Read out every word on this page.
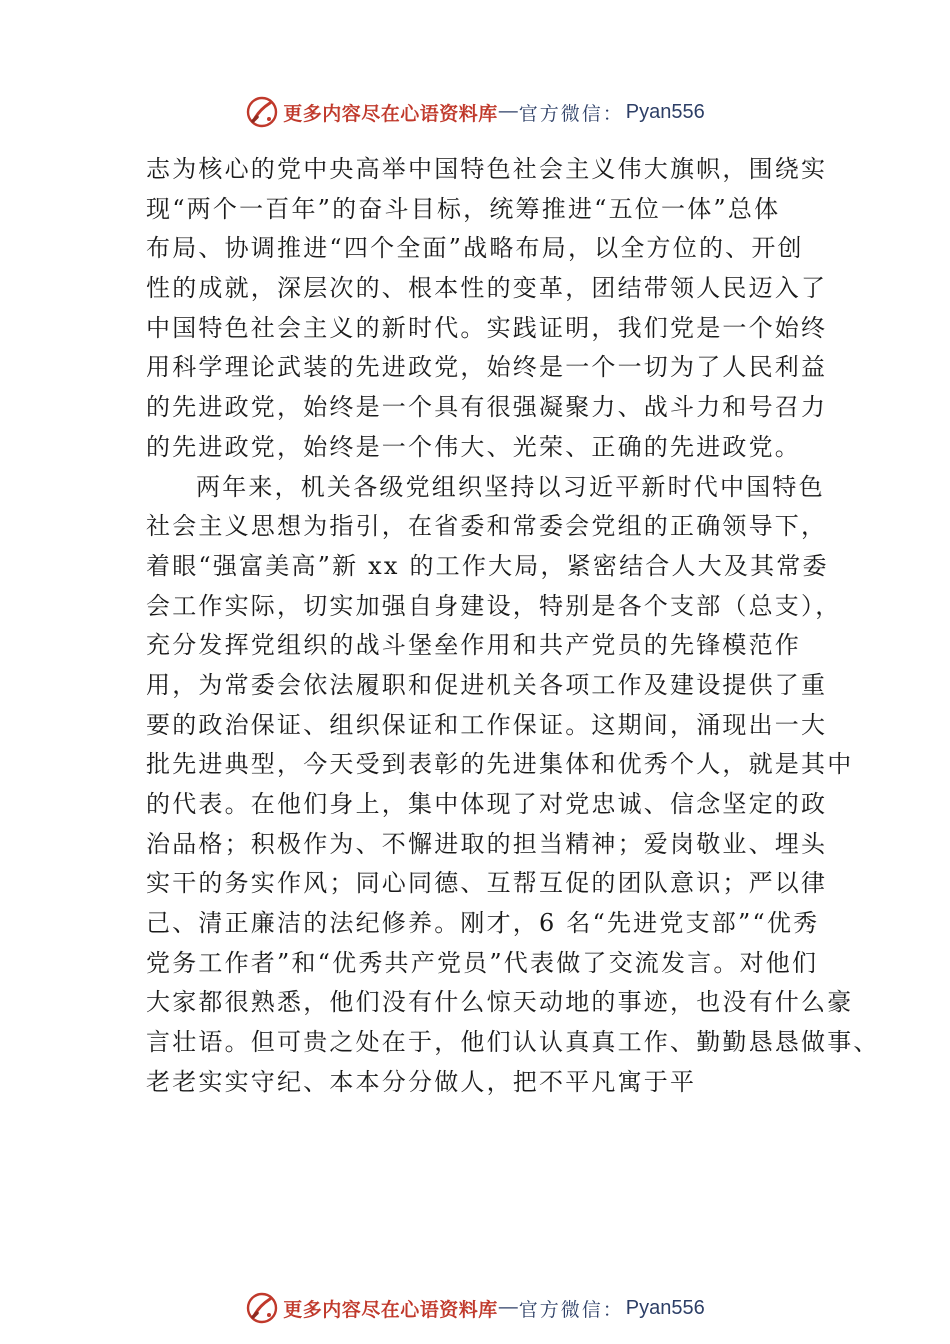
更多内容尽在心语资料库 — 官方微信： Pyan556
志为核心的党中央高举中国特色社会主义伟大旗帜，围绕实
现“两个一百年”的奋斗目标，统筹推进“五位一体”总体
布局、协调推进“四个全面”战略布局，以全方位的、开创
性的成就，深层次的、根本性的变革，团结带领人民迈入了
中国特色社会主义的新时代。实践证明，我们党是一个始终
用科学理论武装的先进政党，始终是一个一切为了人民利益
的先进政党，始终是一个具有很强凝聚力、战斗力和号召力
的先进政党，始终是一个伟大、光荣、正确的先进政党。
两年来，机关各级党组织坚持以习近平新时代中国特色
社会主义思想为指引，在省委和常委会党组的正确领导下，
着眼“强富美高”新 xx 的工作大局，紧密结合人大及其常委
会工作实际，切实加强自身建设，特别是各个支部（总支），
充分发挥党组织的战斗堡垒作用和共产党员的先锋模范作
用，为常委会依法履职和促进机关各项工作及建设提供了重
要的政治保证、组织保证和工作保证。这期间，涌现出一大
批先进典型，今天受到表彰的先进集体和优秀个人，就是其中
的代表。在他们身上，集中体现了对党忠诚、信念坚定的政
治品格；积极作为、不懈进取的担当精神；爱岗敬业、埋头
实干的务实作风；同心同德、互帮互促的团队意识；严以律
己、清正廉洁的法纪修养。刚才，6 名“先进党支部”“优秀
党务工作者”和“优秀共产党员”代表做了交流发言。对他们
大家都很熟悉，他们没有什么惊天动地的事迹，也没有什么豪
言壮语。但可贵之处在于，他们认认真真工作、勤勤恳恳做事、
老老实实守纪、本本分分做人，把不平凡寓于平
更多内容尽在心语资料库 — 官方微信： Pyan556
